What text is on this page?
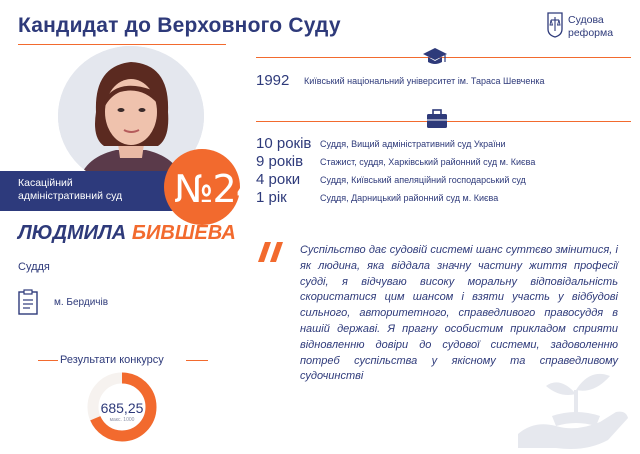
Кандидат до Верховного Суду	Судова
реформа
Касаційний
адміністративний суд	№24
ЛЮДМИЛА БИВШЕВА
Суддя
м. Бердичів
Результати конкурсу
685,25
макс. 1000
1992 Київський національний університет ім. Тараса Шевченка
10 років Суддя, Вищий адміністративний суд України
9 років Стажист, суддя, Харківський районний суд м. Києва
4 роки Суддя, Київський апеляційний господарський суд
1 рік	Суддя, Дарницький районний суд м. Києва
Суспільство дає судовій системі шанс суттєво змінитися, і як людина, яка віддала значну частину життя професії судді, я відчуваю високу моральну відповідальність скористатися цим шансом і взяти участь у відбудові сильного, авторитетного, справедливого правосуддя в нашій державі. Я прагну особистим прикладом сприяти відновленню довіри до судової системи, задоволенню потреб суспільства у якісному та справедливому судочинстві
